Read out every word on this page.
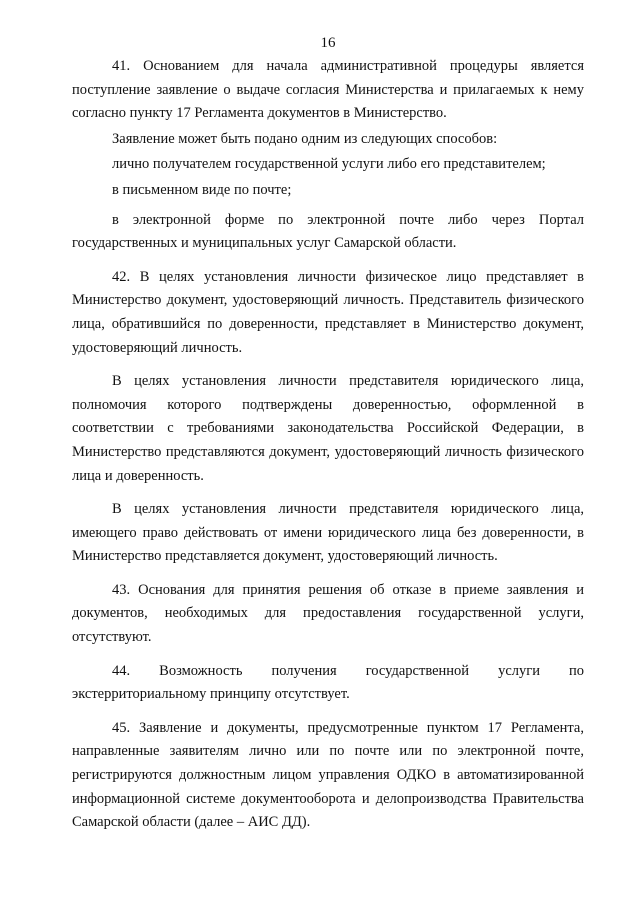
16

41. Основанием для начала административной процедуры является поступление заявление о выдаче согласия Министерства и прилагаемых к нему согласно пункту 17 Регламента документов в Министерство.

Заявление может быть подано одним из следующих способов:

лично получателем государственной услуги либо его представителем;

в письменном виде по почте;

в электронной форме по электронной почте либо через Портал государственных и муниципальных услуг Самарской области.

42. В целях установления личности физическое лицо представляет в Министерство документ, удостоверяющий личность. Представитель физического лица, обратившийся по доверенности, представляет в Министерство документ, удостоверяющий личность.

В целях установления личности представителя юридического лица, полномочия которого подтверждены доверенностью, оформленной в соответствии с требованиями законодательства Российской Федерации, в Министерство представляются документ, удостоверяющий личность физического лица и доверенность.

В целях установления личности представителя юридического лица, имеющего право действовать от имени юридического лица без доверенности, в Министерство представляется документ, удостоверяющий личность.

43. Основания для принятия решения об отказе в приеме заявления и документов, необходимых для предоставления государственной услуги, отсутствуют.

44. Возможность получения государственной услуги по экстерриториальному принципу отсутствует.

45. Заявление и документы, предусмотренные пунктом 17 Регламента, направленные заявителям лично или по почте или по электронной почте, регистрируются должностным лицом управления ОДКО в автоматизированной информационной системе документооборота и делопроизводства Правительства Самарской области (далее – АИС ДД).
